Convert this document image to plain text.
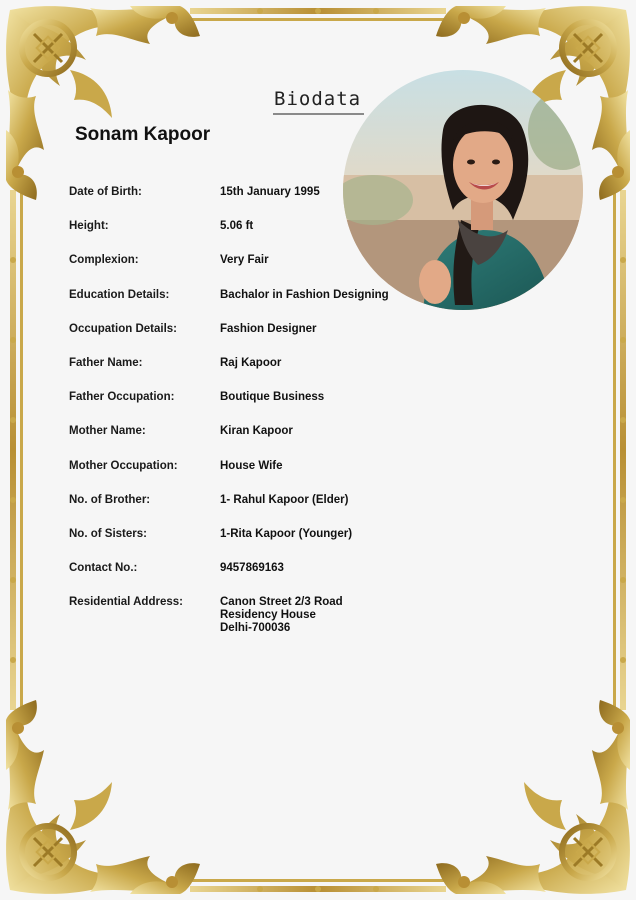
Biodata
Sonam Kapoor
Date of Birth:	15th January 1995
Height:	5.06 ft
Complexion:	Very Fair
Education Details:	Bachalor in Fashion Designing
Occupation Details:	Fashion Designer
Father Name:	Raj Kapoor
Father Occupation:	Boutique Business
Mother Name:	Kiran Kapoor
Mother Occupation:	House Wife
No. of Brother:	1- Rahul Kapoor (Elder)
No. of Sisters:	1-Rita Kapoor (Younger)
Contact No.:	9457869163
Residential Address:	Canon Street 2/3 Road
Residency House
Delhi-700036
